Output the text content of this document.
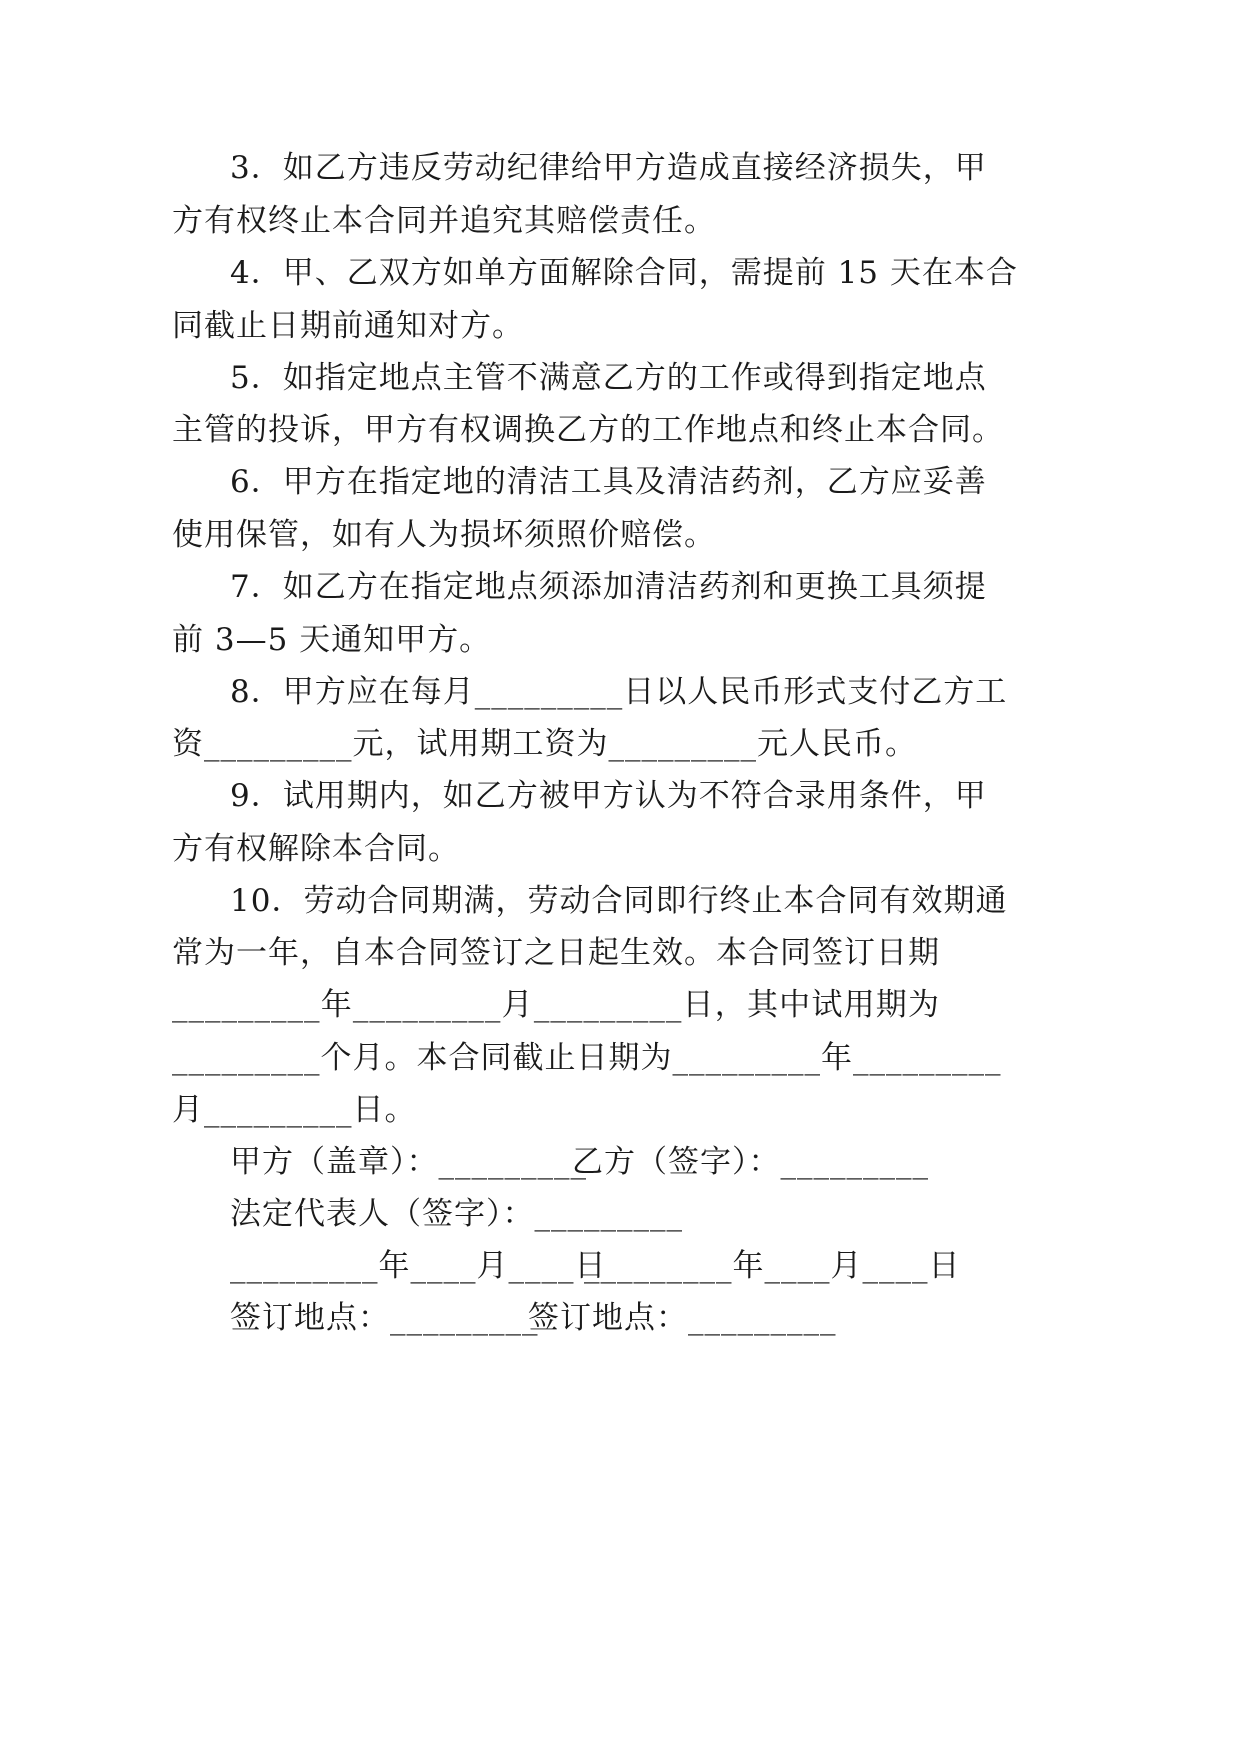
3．如乙方违反劳动纪律给甲方造成直接经济损失，甲
方有权终止本合同并追究其赔偿责任。
4．甲、乙双方如单方面解除合同，需提前 15 天在本合
同截止日期前通知对方。
5．如指定地点主管不满意乙方的工作或得到指定地点
主管的投诉，甲方有权调换乙方的工作地点和终止本合同。
6．甲方在指定地的清洁工具及清洁药剂，乙方应妥善
使用保管，如有人为损坏须照价赔偿。
7．如乙方在指定地点须添加清洁药剂和更换工具须提
前 3—5 天通知甲方。
8．甲方应在每月_________日以人民币形式支付乙方工
资_________元，试用期工资为_________元人民币。
9．试用期内，如乙方被甲方认为不符合录用条件，甲
方有权解除本合同。
10．劳动合同期满，劳动合同即行终止本合同有效期通
常为一年，自本合同签订之日起生效。本合同签订日期
_________年_________月_________日，其中试用期为
_________个月。本合同截止日期为_________年_________
月_________日。
甲方（盖章）：_________
乙方（签字）：_________
法定代表人（签字）：_________
_________年____月____日
_________年____月____日
签订地点：_________
签订地点：_________
